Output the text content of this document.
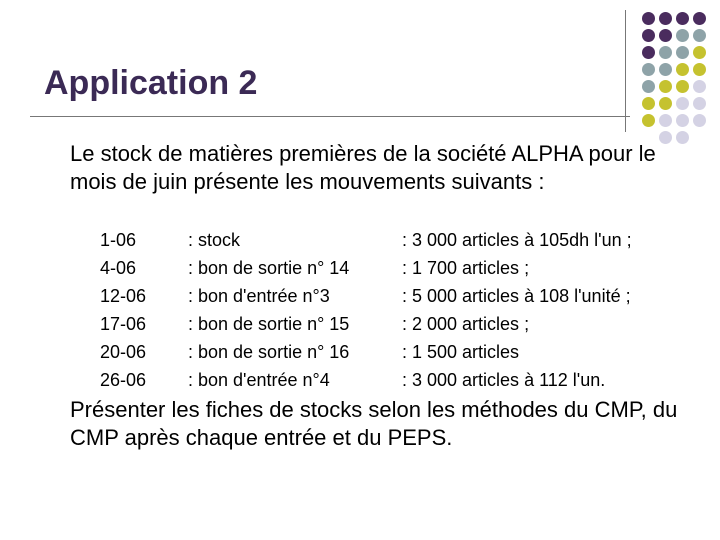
Application 2
Le stock de matières premières de la société ALPHA pour le mois de juin présente les mouvements suivants :
1-06	: stock	: 3 000 articles à 105dh l'un ;
4-06	: bon de sortie n° 14	: 1 700 articles ;
12-06 : bon d'entrée n°3	: 5 000 articles à 108 l'unité ;
17-06 : bon de sortie n° 15	: 2 000 articles ;
20-06 : bon de sortie n° 16	: 1 500 articles
26-06 : bon d'entrée n°4	: 3 000 articles à 112 l'un.
Présenter les fiches de stocks selon les méthodes du CMP, du CMP après chaque entrée et du PEPS.
